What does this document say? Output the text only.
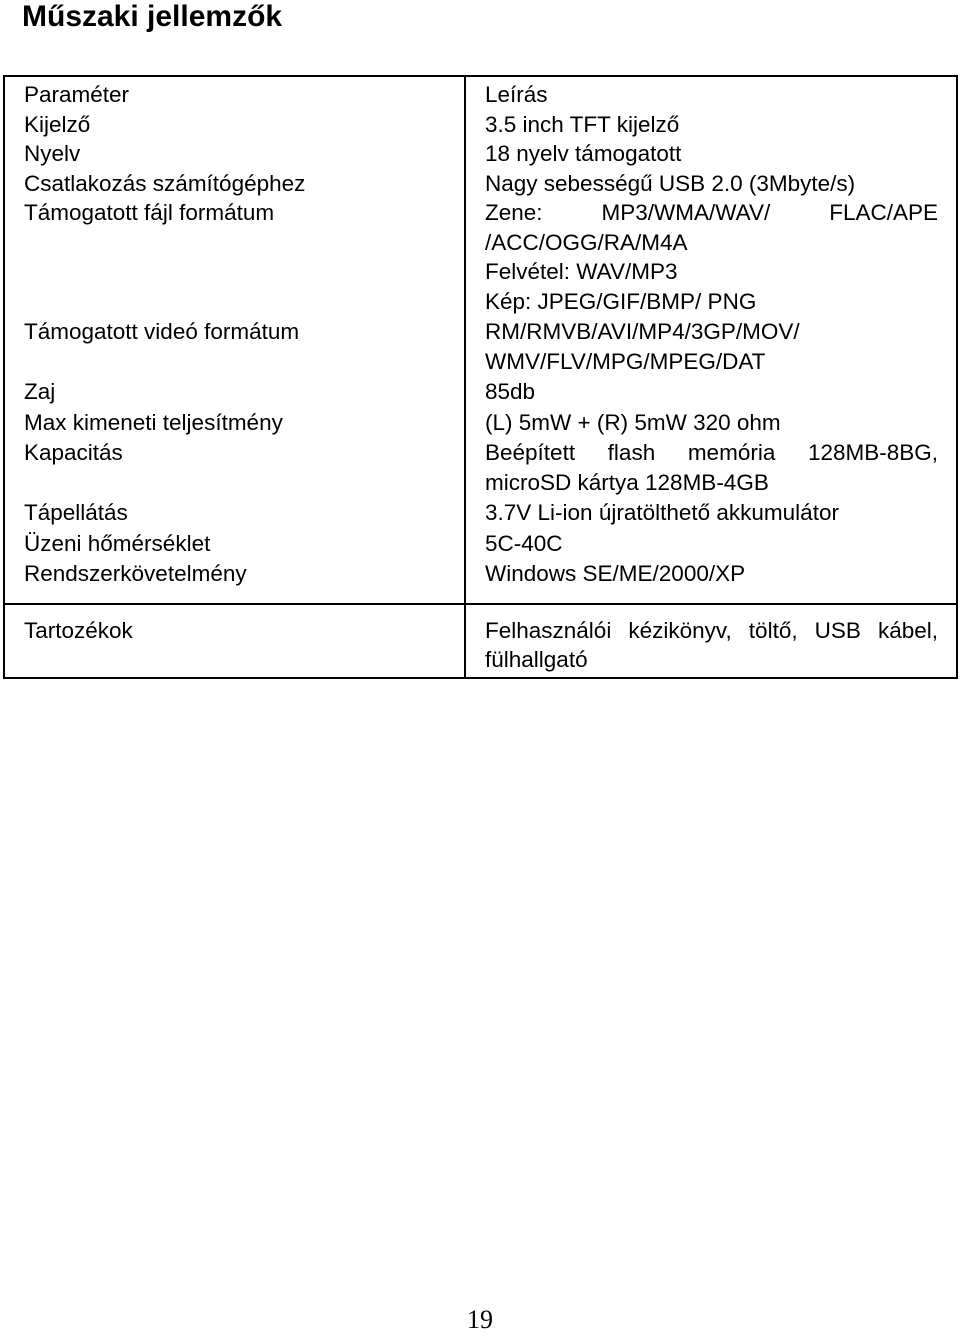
Műszaki jellemzők
Paraméter	Leírás
Kijelző	3.5 inch TFT kijelző

Nyelv	18 nyelv támogatott

Csatlakozás számítógéphez	Nagy sebességű USB 2.0 (3Mbyte/s)

Támogatott fájl formátum	Zene: MP3/WMA/WAV/ FLAC/APE
/ACC/OGG/RA/M4A
Felvétel: WAV/MP3
Kép: JPEG/GIF/BMP/ PNG

Támogatott videó formátum	RM/RMVB/AVI/MP4/3GP/MOV/
WMV/FLV/MPG/MPEG/DAT

Zaj	85db

Max kimeneti teljesítmény	(L) 5mW + (R) 5mW 320 ohm

Kapacitás	Beépített flash memória 128MB-8BG,
microSD kártya 128MB-4GB

Tápellátás	3.7V Li-ion újratölthető akkumulátor

Üzeni hőmérséklet	5C-40C

Rendszerkövetelmény	Windows SE/ME/2000/XP

Tartozékok	Felhasználói kézikönyv, töltő, USB kábel,
fülhallgató
19
